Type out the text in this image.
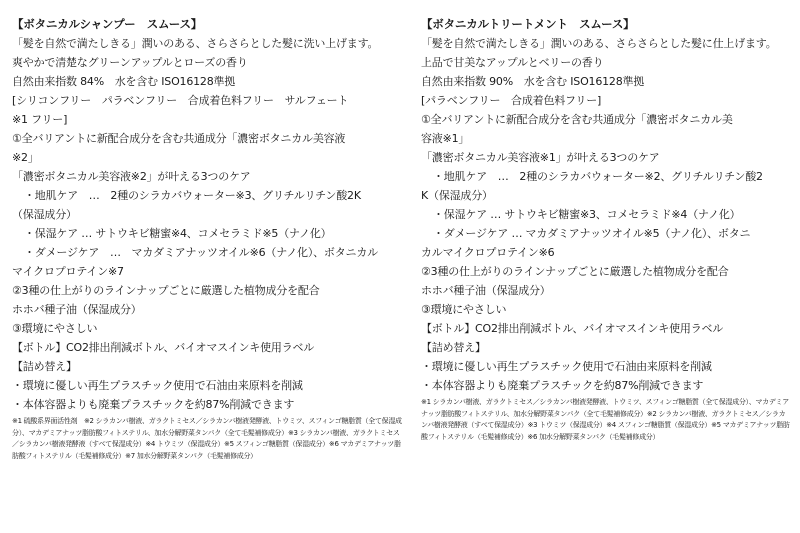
【ボタニカルシャンプー　スムース】
「髪を自然で満たしきる」潤いのある、さらさらとした髪に洗い上げます。
爽やかで清楚なグリーンアップルとローズの香り
自然由来指数 84%　水を含む ISO16128準拠
[シリコンフリー　パラベンフリー　合成着色料フリー　サルフェート
※1 フリー]
①全バリアントに新配合成分を含む共通成分「濃密ボタニカル美容液
※2」
「濃密ボタニカル美容液※2」が叶える3つのケア
・地肌ケア　…　2種のシラカバウォーター※3、グリチルリチン酸2K
（保湿成分）
・保湿ケア … サトウキビ糖蜜※4、コメセラミド※5（ナノ化）
・ダメージケア　…　マカダミアナッツオイル※6（ナノ化）、ボタニカル
マイクロプロテイン※7
②3種の仕上がりのラインナップごとに厳選した植物成分を配合
ホホバ種子油（保湿成分）
③環境にやさしい
【ボトル】CO2排出削減ボトル、バイオマスインキ使用ラベル
【詰め替え】
・環境に優しい再生プラスチック使用で石油由来原料を削減
・本体容器よりも廃棄プラスチックを約87%削減できます
※1 硫酸系界面活性剤　※2 シラカンバ樹液、ガラクトミセス／シラカンバ樹液発酵液、トウミツ、スフィンゴ糖脂質（全て保湿成分）、マカデミアナッツ脂肪酸フィトステリル、加水分解野菜タンパク（全て毛髪補修成分）※3 シラカンバ樹液、ガラクトミセス／シラカンバ樹液発酵液（すべて保湿成分）※4 トウミツ（保湿成分）※5 スフィンゴ糖脂質（保湿成分）※6 マカデミアナッツ脂肪酸フィトステリル（毛髪補修成分）※7 加水分解野菜タンパク（毛髪補修成分）
【ボタニカルトリートメント　スムース】
「髪を自然で満たしきる」潤いのある、さらさらとした髪に仕上げます。
上品で甘美なアップルとベリーの香り
自然由来指数 90%　水を含む ISO16128準拠
[パラベンフリー　合成着色料フリー]
①全バリアントに新配合成分を含む共通成分「濃密ボタニカル美
容液※1」
「濃密ボタニカル美容液※1」が叶える3つのケア
・地肌ケア　…　2種のシラカバウォーター※2、グリチルリチン酸2
K（保湿成分）
・保湿ケア … サトウキビ糖蜜※3、コメセラミド※4（ナノ化）
・ダメージケア … マカダミアナッツオイル※5（ナノ化）、ボタニ
カルマイクロプロテイン※6
②3種の仕上がりのラインナップごとに厳選した植物成分を配合
ホホバ種子油（保湿成分）
③環境にやさしい
【ボトル】CO2排出削減ボトル、バイオマスインキ使用ラベル
【詰め替え】
・環境に優しい再生プラスチック使用で石油由来原料を削減
・本体容器よりも廃棄プラスチックを約87%削減できます
※1 シラカンバ樹液、ガラクトミセス／シラカンバ樹液発酵液、トウミツ、スフィンゴ糖脂質（全て保湿成分）、マカデミアナッツ脂肪酸フィトステリル、加水分解野菜タンパク（全て毛髪補修成分）※2 シラカンバ樹液、ガラクトミセス／シラカンバ樹液発酵液（すべて保湿成分）※3 トウミツ（保湿成分）※4 スフィンゴ糖脂質（保湿成分）※5 マカデミアナッツ脂肪酸フィトステリル（毛髪補修成分）※6 加水分解野菜タンパク（毛髪補修成分）
